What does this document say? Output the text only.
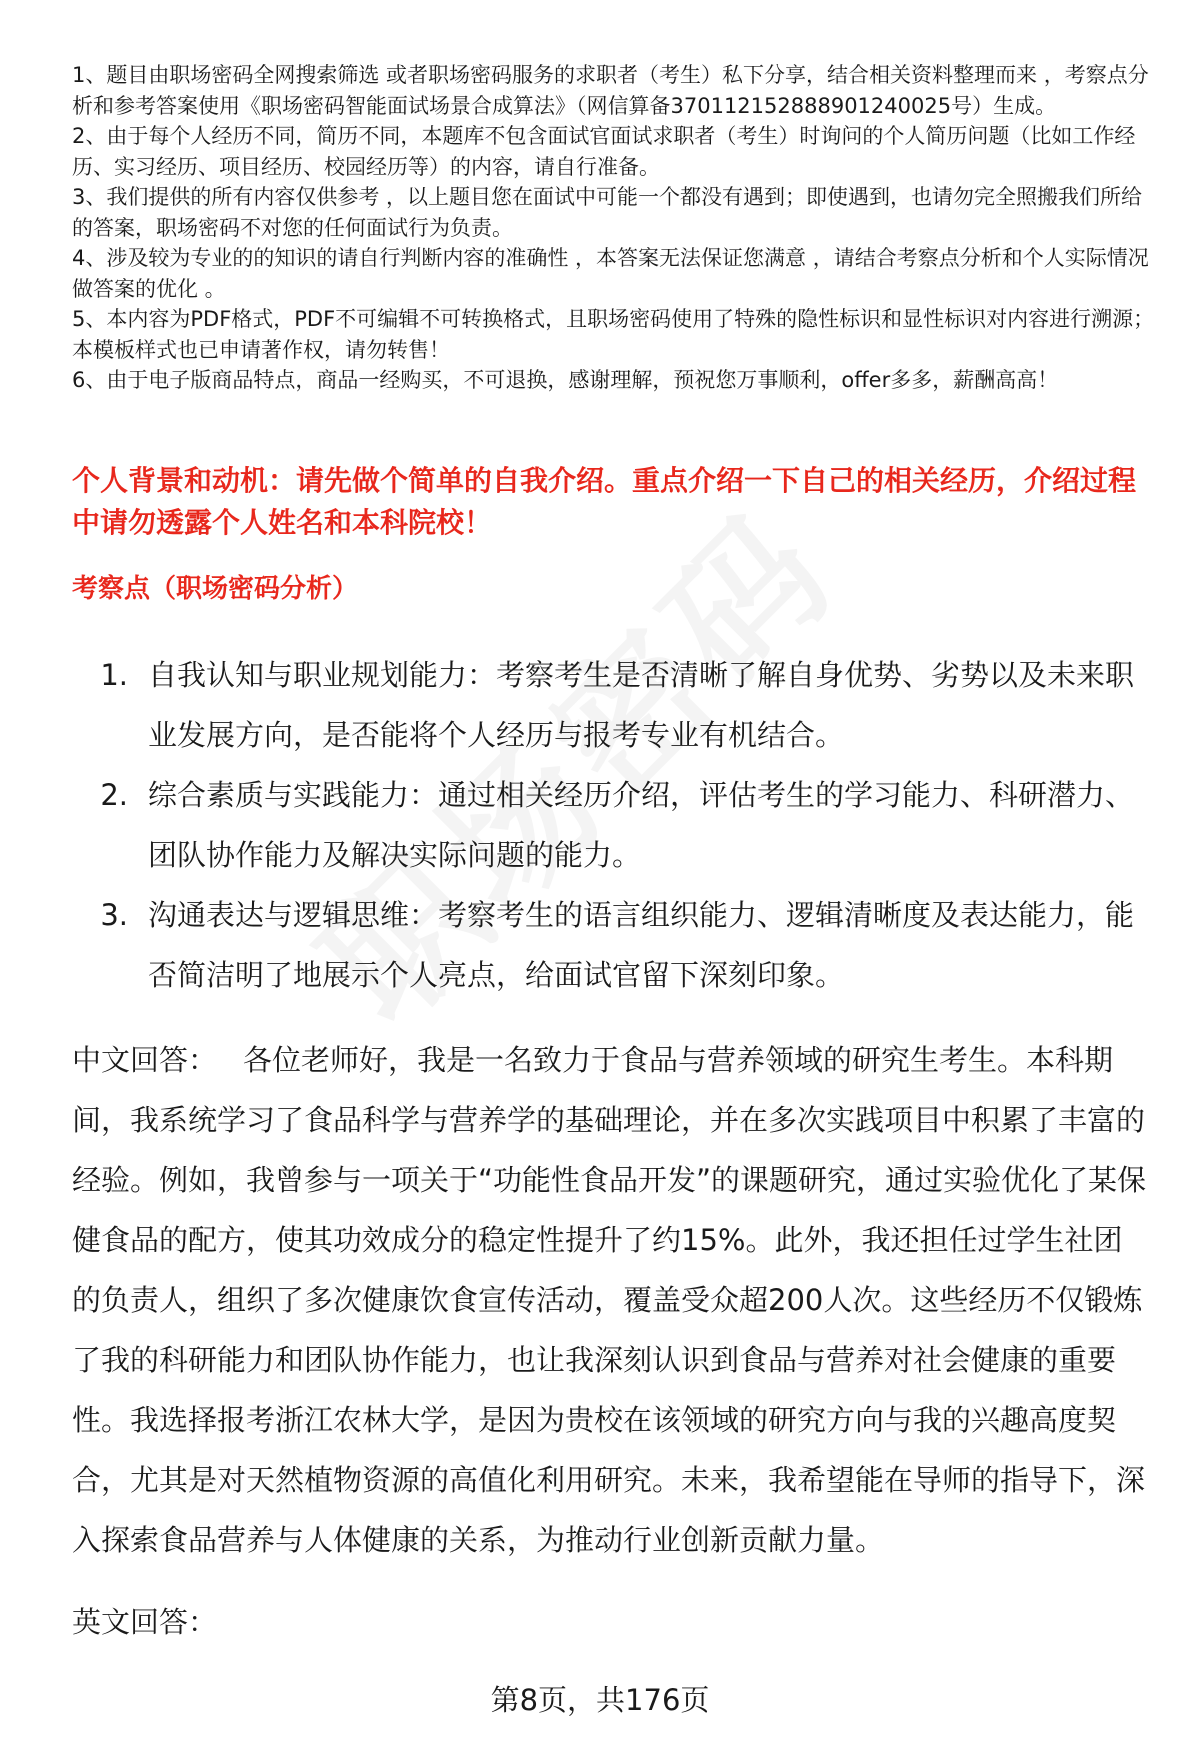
1、题目由职场密码全网搜索筛选 或者职场密码服务的求职者（考生）私下分享，结合相关资料整理而来 ，考察点分析和参考答案使用《职场密码智能面试场景合成算法》（网信算备370112152888901240025号）生成。

2、由于每个人经历不同，简历不同，本题库不包含面试官面试求职者（考生）时询问的个人简历问题（比如工作经历、实习经历、项目经历、校园经历等）的内容，请自行准备。

3、我们提供的所有内容仅供参考 ，以上题目您在面试中可能一个都没有遇到；即使遇到，也请勿完全照搬我们所给的答案，职场密码不对您的任何面试行为负责。

4、涉及较为专业的的知识的请自行判断内容的准确性 ，本答案无法保证您满意 ，请结合考察点分析和个人实际情况做答案的优化 。

5、本内容为PDF格式，PDF不可编辑不可转换格式，且职场密码使用了特殊的隐性标识和显性标识对内容进行溯源；本模板样式也已申请著作权，请勿转售！

6、由于电子版商品特点，商品一经购买，不可退换，感谢理解，预祝您万事顺利，offer多多，薪酬高高！

个人背景和动机：请先做个简单的自我介绍。重点介绍一下自己的相关经历，介绍过程中请勿透露个人姓名和本科院校！
考察点（职场密码分析）
1. 自我认知与职业规划能力：考察考生是否清晰了解自身优势、劣势以及未来职业发展方向，是否能将个人经历与报考专业有机结合。
2. 综合素质与实践能力：通过相关经历介绍，评估考生的学习能力、科研潜力、团队协作能力及解决实际问题的能力。
3. 沟通表达与逻辑思维：考察考生的语言组织能力、逻辑清晰度及表达能力，能否简洁明了地展示个人亮点，给面试官留下深刻印象。

中文回答： 各位老师好，我是一名致力于食品与营养领域的研究生考生。本科期间，我系统学习了食品科学与营养学的基础理论，并在多次实践项目中积累了丰富的经验。例如，我曾参与一项关于“功能性食品开发”的课题研究，通过实验优化了某保健食品的配方，使其功效成分的稳定性提升了约15%。此外，我还担任过学生社团的负责人，组织了多次健康饮食宣传活动，覆盖受众超200人次。这些经历不仅锻炼了我的科研能力和团队协作能力，也让我深刻认识到食品与营养对社会健康的重要性。我选择报考浙江农林大学，是因为贵校在该领域的研究方向与我的兴趣高度契合，尤其是对天然植物资源的高值化利用研究。未来，我希望能在导师的指导下，深入探索食品营养与人体健康的关系，为推动行业创新贡献力量。

英文回答：
第8页，共176页
